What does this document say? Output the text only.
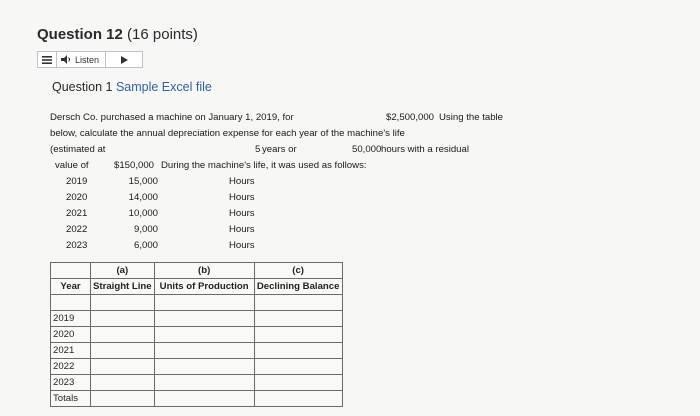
Question 12 (16 points)
Listen
Question 1 Sample Excel file
Dersch Co. purchased a machine on January 1, 2019, for	$2,500,000 Using the table
below, calculate the annual depreciation expense for each year of the machine's life
(estimated at	5 years or	50,000 hours with a residual
value of	$150,000 During the machine's life, it was used as follows:
2019	15,000	Hours
2020	14,000	Hours
2021	10,000	Hours
2022	9,000	Hours
2023	6,000	Hours
	(a)	(b)	(c)
Year	Straight Line	Units of Production	Declining Balance

2019			
2020			
2021			
2022			
2023			
Totals			
